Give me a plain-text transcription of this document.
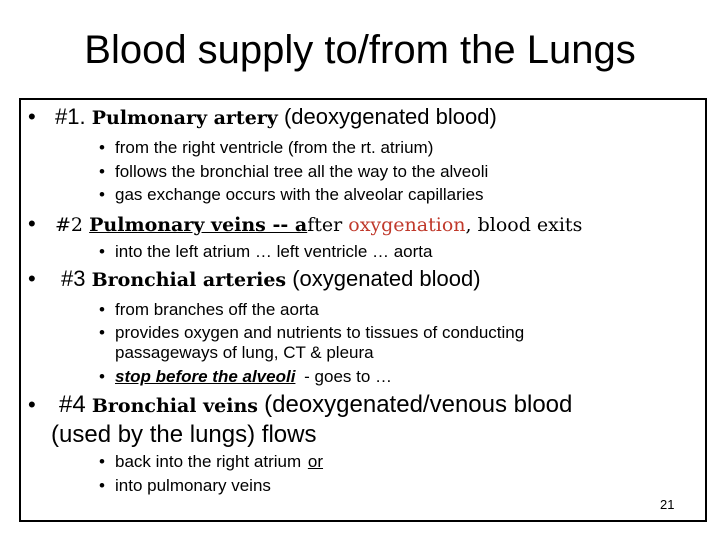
Blood supply to/from the Lungs
• #1. Pulmonary artery (deoxygenated blood)
• from the right ventricle (from the rt. atrium)
• follows the bronchial tree all the way to the alveoli
• gas exchange occurs with the alveolar capillaries
• #2 Pulmonary veins -- after oxygenation, blood exits
• into the left atrium … left ventricle … aorta
• #3 Bronchial arteries (oxygenated blood)
• from branches off the aorta
• provides oxygen and nutrients to tissues of conducting
passageways of lung, CT & pleura
• stop before the alveoli - goes to …
• #4 Bronchial veins (deoxygenated/venous blood
(used by the lungs) flows
• back into the right atrium or
• into pulmonary veins
21
